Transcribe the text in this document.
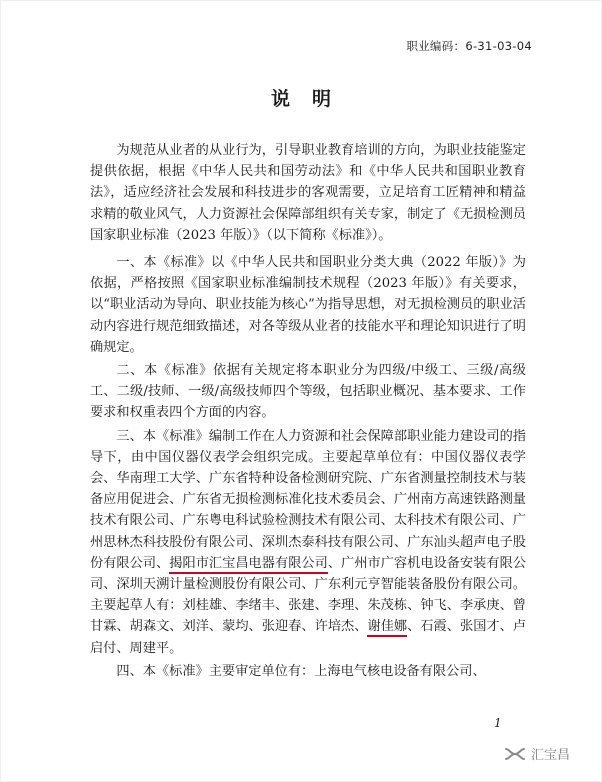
职业编码：6-31-03-04
说明

为规范从业者的从业行为，引导职业教育培训的方向，为职业技能鉴定提供依据，根据《中华人民共和国劳动法》和《中华人民共和国职业教育法》，适应经济社会发展和科技进步的客观需要，立足培育工匠精神和精益求精的敬业风气，人力资源社会保障部组织有关专家，制定了《无损检测员国家职业标准（2023 年版）》（以下简称《标准》）。

一、本《标准》以《中华人民共和国职业分类大典（2022 年版）》为依据，严格按照《国家职业标准编制技术规程（2023 年版）》有关要求，以“职业活动为导向、职业技能为核心”为指导思想，对无损检测员的职业活动内容进行规范细致描述，对各等级从业者的技能水平和理论知识进行了明确规定。

二、本《标准》依据有关规定将本职业分为四级/中级工、三级/高级工、二级/技师、一级/高级技师四个等级，包括职业概况、基本要求、工作要求和权重表四个方面的内容。

三、本《标准》编制工作在人力资源和社会保障部职业能力建设司的指导下，由中国仪器仪表学会组织完成。主要起草单位有：中国仪器仪表学会、华南理工大学、广东省特种设备检测研究院、广东省测量控制技术与装备应用促进会、广东省无损检测标准化技术委员会、广州南方高速铁路测量技术有限公司、广东粤电科试验检测技术有限公司、太科技术有限公司、广州思林杰科技股份有限公司、深圳杰泰科技有限公司、广东汕头超声电子股份有限公司、揭阳市汇宝昌电器有限公司、广州市广容机电设备安装有限公司、深圳天溯计量检测股份有限公司、广东利元亨智能装备股份有限公司。主要起草人有：刘桂雄、李绪丰、张建、李理、朱茂栋、钟飞、李承庚、曾甘霖、胡森文、刘洋、蒙均、张迎春、许培杰、谢佳娜、石霞、张国才、卢启付、周建平。

四、本《标准》主要审定单位有：上海电气核电设备有限公司、

1
汇宝昌
